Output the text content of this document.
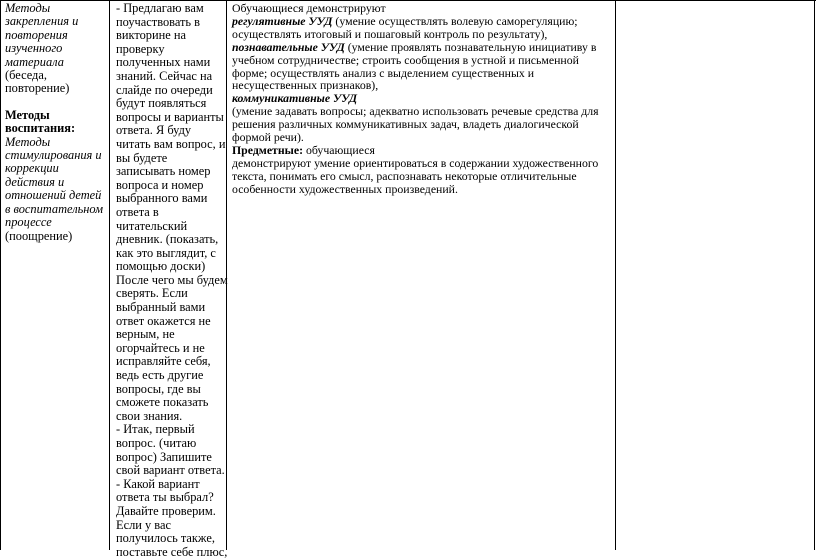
Методы
закрепления и
повторения
изученного
материала
(беседа,
повторение)
Методы
воспитания:
Методы
стимулирования и
коррекции
действия и
отношений детей
в воспитательном
процессе
(поощрение)
- Предлагаю вам
поучаствовать в
викторине на
проверку
полученных нами
знаний. Сейчас на
слайде по очереди
будут появляться
вопросы и варианты
ответа. Я буду
читать вам вопрос, и
вы будете
записывать номер
вопроса и номер
выбранного вами
ответа в
читательский
дневник. (показать,
как это выглядит, с
помощью доски)
После чего мы будем
сверять. Если
выбранный вами
ответ окажется не
верным, не
огорчайтесь и не
исправляйте себя,
ведь есть другие
вопросы, где вы
сможете показать
свои знания.
- Итак, первый
вопрос. (читаю
вопрос) Запишите
свой вариант ответа.
- Какой вариант
ответа ты выбрал?
Давайте проверим.
Если у вас
получилось также,
поставьте себе плюс,
Обучающиеся демонстрируют
регулятивные УУД (умение осуществлять волевую саморегуляцию;
осуществлять итоговый и пошаговый контроль по результату),
познавательные УУД (умение проявлять познавательную инициативу в
учебном сотрудничестве; строить сообщения в устной и письменной
форме; осуществлять анализ с выделением существенных и
несущественных признаков),
коммуникативные УУД
(умение задавать вопросы; адекватно использовать речевые средства для
решения различных коммуникативных задач, владеть диалогической
формой речи).
Предметные: обучающиеся
демонстрируют умение ориентироваться в содержании художественного
текста, понимать его смысл, распознавать некоторые отличительные
особенности художественных произведений.
